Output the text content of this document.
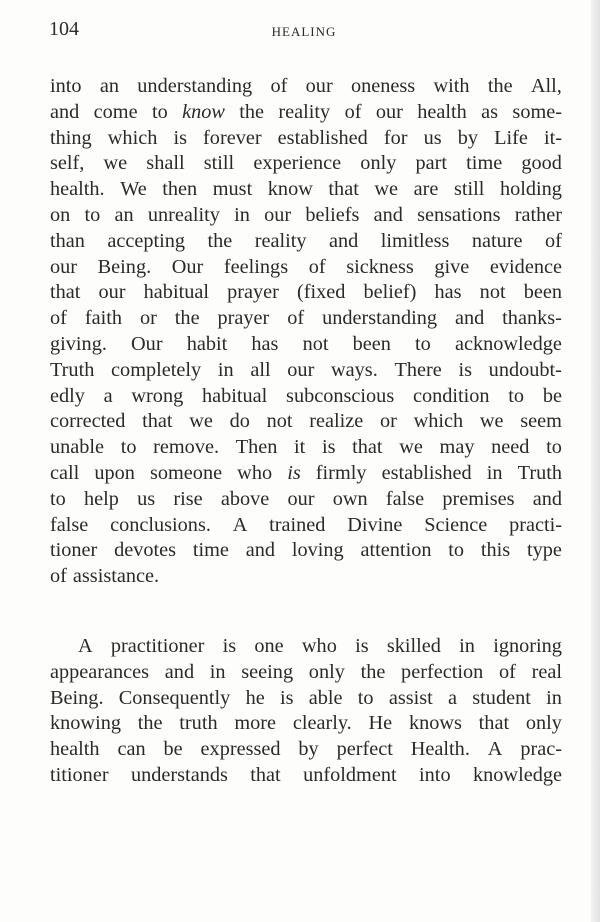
104	HEALING
into an understanding of our oneness with the All,
and come to know the reality of our health as some-
thing which is forever established for us by Life it-
self, we shall still experience only part time good
health. We then must know that we are still holding
on to an unreality in our beliefs and sensations rather
than accepting the reality and limitless nature of
our Being. Our feelings of sickness give evidence
that our habitual prayer (fixed belief) has not been
of faith or the prayer of understanding and thanks-
giving. Our habit has not been to acknowledge
Truth completely in all our ways. There is undoubt-
edly a wrong habitual subconscious condition to be
corrected that we do not realize or which we seem
unable to remove. Then it is that we may need to
call upon someone who is firmly established in Truth
to help us rise above our own false premises and
false conclusions. A trained Divine Science practi-
tioner devotes time and loving attention to this type
of assistance.
A practitioner is one who is skilled in ignoring
appearances and in seeing only the perfection of real
Being. Consequently he is able to assist a student in
knowing the truth more clearly. He knows that only
health can be expressed by perfect Health. A prac-
titioner understands that unfoldment into knowledge
